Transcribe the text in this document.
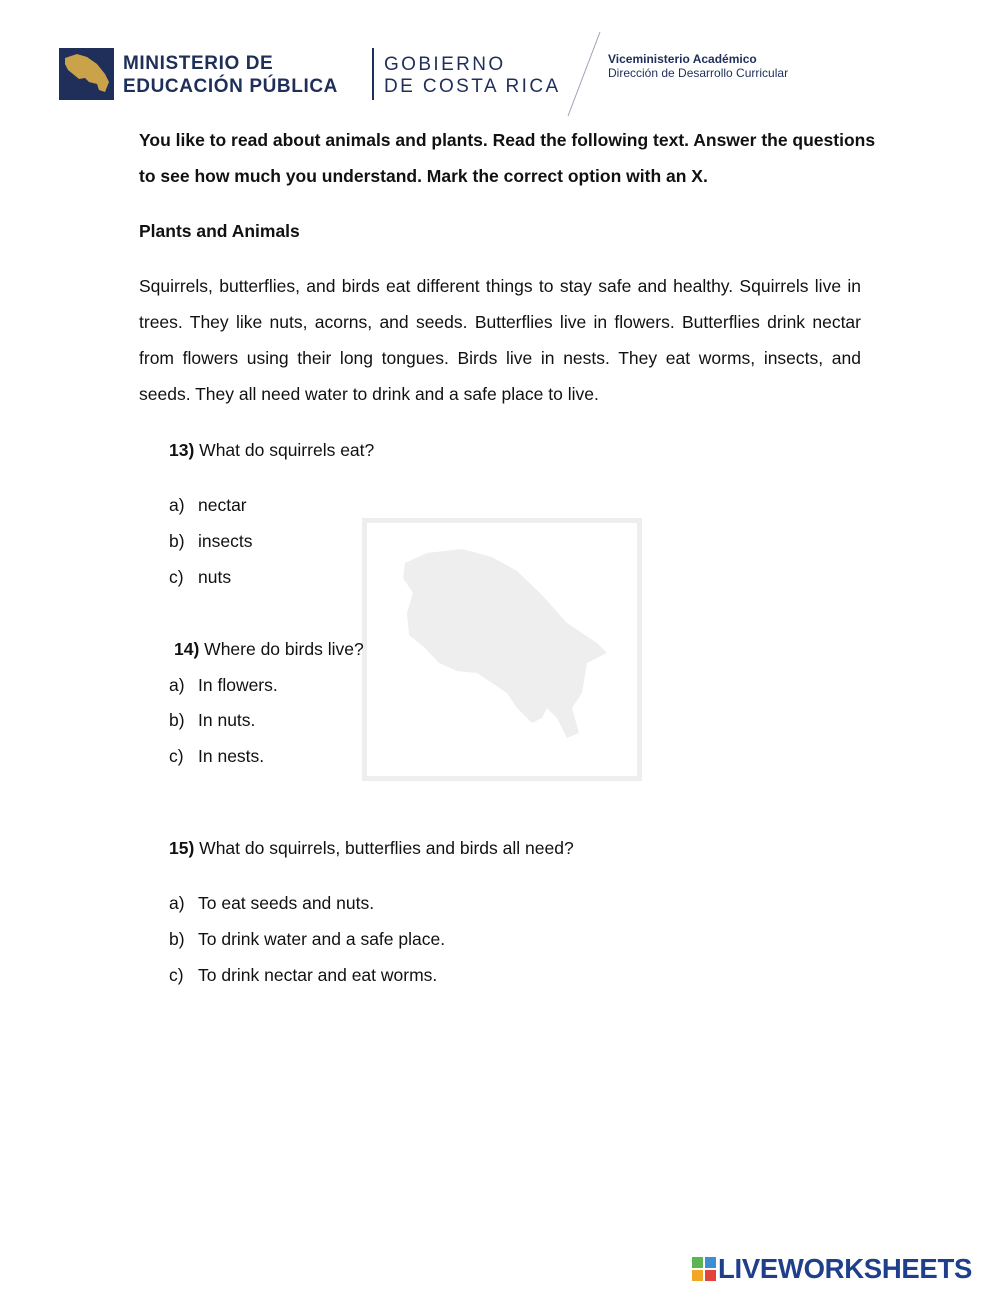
MINISTERIO DE
EDUCACIÓN PÚBLICA
GOBIERNO
DE COSTA RICA
Viceministerio Académico
Dirección de Desarrollo Curricular
You like to read about animals and plants. Read the following text. Answer the questions
to see how much you understand. Mark the correct option with an X.
Plants and Animals
Squirrels, butterflies, and birds eat different things to stay safe and healthy. Squirrels live in trees. They like nuts, acorns, and seeds. Butterflies live in flowers. Butterflies drink nectar from flowers using their long tongues. Birds live in nests. They eat worms, insects, and seeds. They all need water to drink and a safe place to live.
13) What do squirrels eat?
a) nectar
b) insects
c) nuts
14) Where do birds live?
a) In flowers.
b) In nuts.
c) In nests.
15) What do squirrels, butterflies and birds all need?
a) To eat seeds and nuts.
b) To drink water and a safe place.
c) To drink nectar and eat worms.
LIVEWORKSHEETS
